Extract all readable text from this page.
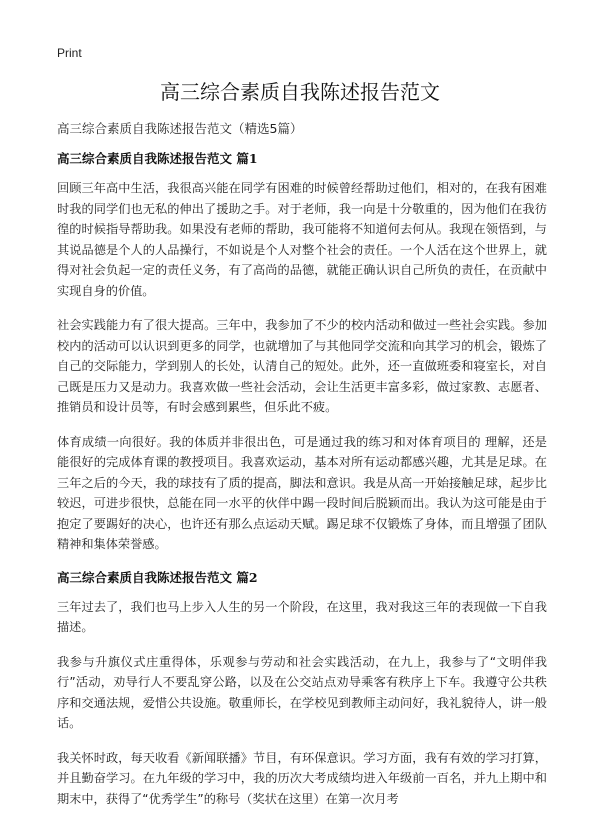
Print
高三综合素质自我陈述报告范文
高三综合素质自我陈述报告范文（精选5篇）
高三综合素质自我陈述报告范文 篇1

回顾三年高中生活，我很高兴能在同学有困难的时候曾经帮助过他们，相对的，在我有困难时我的同学们也无私的伸出了援助之手。对于老师，我一向是十分敬重的，因为他们在我彷徨的时候指导帮助我。如果没有老师的帮助，我可能将不知道何去何从。我现在领悟到，与其说品德是个人的人品操行，不如说是个人对整个社会的责任。一个人活在这个世界上，就得对社会负起一定的责任义务，有了高尚的品德，就能正确认识自己所负的责任，在贡献中实现自身的价值。

社会实践能力有了很大提高。三年中，我参加了不少的校内活动和做过一些社会实践。参加校内的活动可以认识到更多的同学，也就增加了与其他同学交流和向其学习的机会，锻炼了自己的交际能力，学到别人的长处，认清自己的短处。此外，还一直做班委和寝室长，对自己既是压力又是动力。我喜欢做一些社会活动，会让生活更丰富多彩，做过家教、志愿者、推销员和设计员等，有时会感到累些，但乐此不疲。

体育成绩一向很好。我的体质并非很出色，可是通过我的练习和对体育项目的 理解，还是能很好的完成体育课的教授项目。我喜欢运动，基本对所有运动都感兴趣，尤其是足球。在三年之后的今天，我的球技有了质的提高，脚法和意识。我是从高一开始接触足球，起步比较迟，可进步很快，总能在同一水平的伙伴中踢一段时间后脱颖而出。我认为这可能是由于抱定了要踢好的决心，也许还有那么点运动天赋。踢足球不仅锻炼了身体，而且增强了团队精神和集体荣誉感。

高三综合素质自我陈述报告范文 篇2

三年过去了，我们也马上步入人生的另一个阶段，在这里，我对我这三年的表现做一下自我描述。

我参与升旗仪式庄重得体，乐观参与劳动和社会实践活动，在九上，我参与了“文明伴我行”活动，劝导行人不要乱穿公路，以及在公交站点劝导乘客有秩序上下车。我遵守公共秩序和交通法规，爱惜公共设施。敬重师长，在学校见到教师主动问好，我礼貌待人，讲一般话。

我关怀时政，每天收看《新闻联播》节目，有环保意识。学习方面，我有有效的学习打算，并且勤奋学习。在九年级的学习中，我的历次大考成绩均进入年级前一百名，并九上期中和期末中，获得了“优秀学生”的称号（奖状在这里）在第一次月考
